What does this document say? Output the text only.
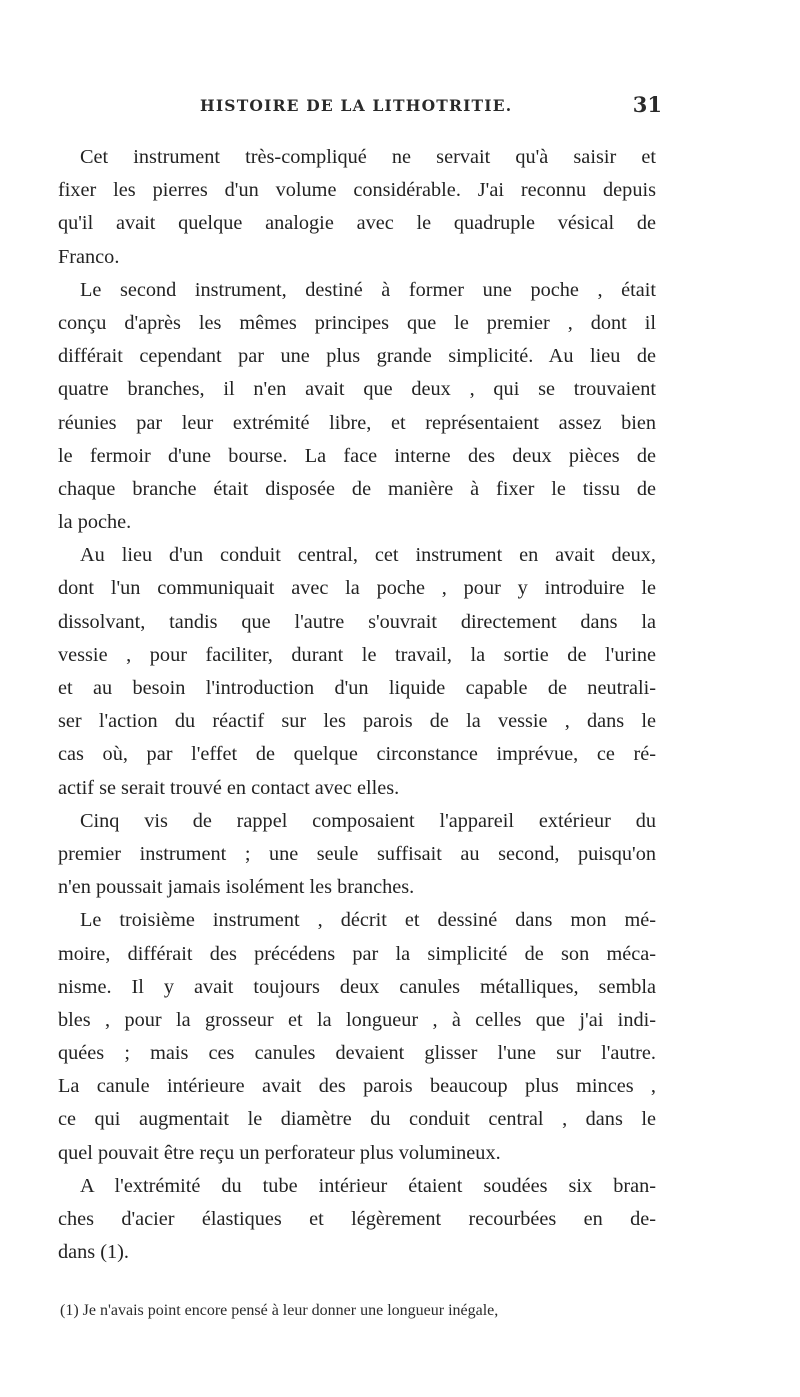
HISTOIRE DE LA LITHOTRITIE.	31
Cet instrument très-compliqué ne servait qu'à saisir et
fixer les pierres d'un volume considérable. J'ai reconnu depuis
qu'il avait quelque analogie avec le quadruple vésical de
Franco.
Le second instrument, destiné à former une poche , était
conçu d'après les mêmes principes que le premier , dont il
différait cependant par une plus grande simplicité. Au lieu de
quatre branches, il n'en avait que deux , qui se trouvaient
réunies par leur extrémité libre, et représentaient assez bien
le fermoir d'une bourse. La face interne des deux pièces de
chaque branche était disposée de manière à fixer le tissu de
la poche.
Au lieu d'un conduit central, cet instrument en avait deux,
dont l'un communiquait avec la poche , pour y introduire le
dissolvant, tandis que l'autre s'ouvrait directement dans la
vessie , pour faciliter, durant le travail, la sortie de l'urine
et au besoin l'introduction d'un liquide capable de neutrali-
ser l'action du réactif sur les parois de la vessie , dans le
cas où, par l'effet de quelque circonstance imprévue, ce ré-
actif se serait trouvé en contact avec elles.
Cinq vis de rappel composaient l'appareil extérieur du
premier instrument ; une seule suffisait au second, puisqu'on
n'en poussait jamais isolément les branches.
Le troisième instrument , décrit et dessiné dans mon mé-
moire, différait des précédens par la simplicité de son méca-
nisme. Il y avait toujours deux canules métalliques, sembla
bles , pour la grosseur et la longueur , à celles que j'ai indi-
quées ; mais ces canules devaient glisser l'une sur l'autre.
La canule intérieure avait des parois beaucoup plus minces ,
ce qui augmentait le diamètre du conduit central , dans le
quel pouvait être reçu un perforateur plus volumineux.
A l'extrémité du tube intérieur étaient soudées six bran-
ches d'acier élastiques et légèrement recourbées en de-
dans (1).
(1) Je n'avais point encore pensé à leur donner une longueur inégale,
